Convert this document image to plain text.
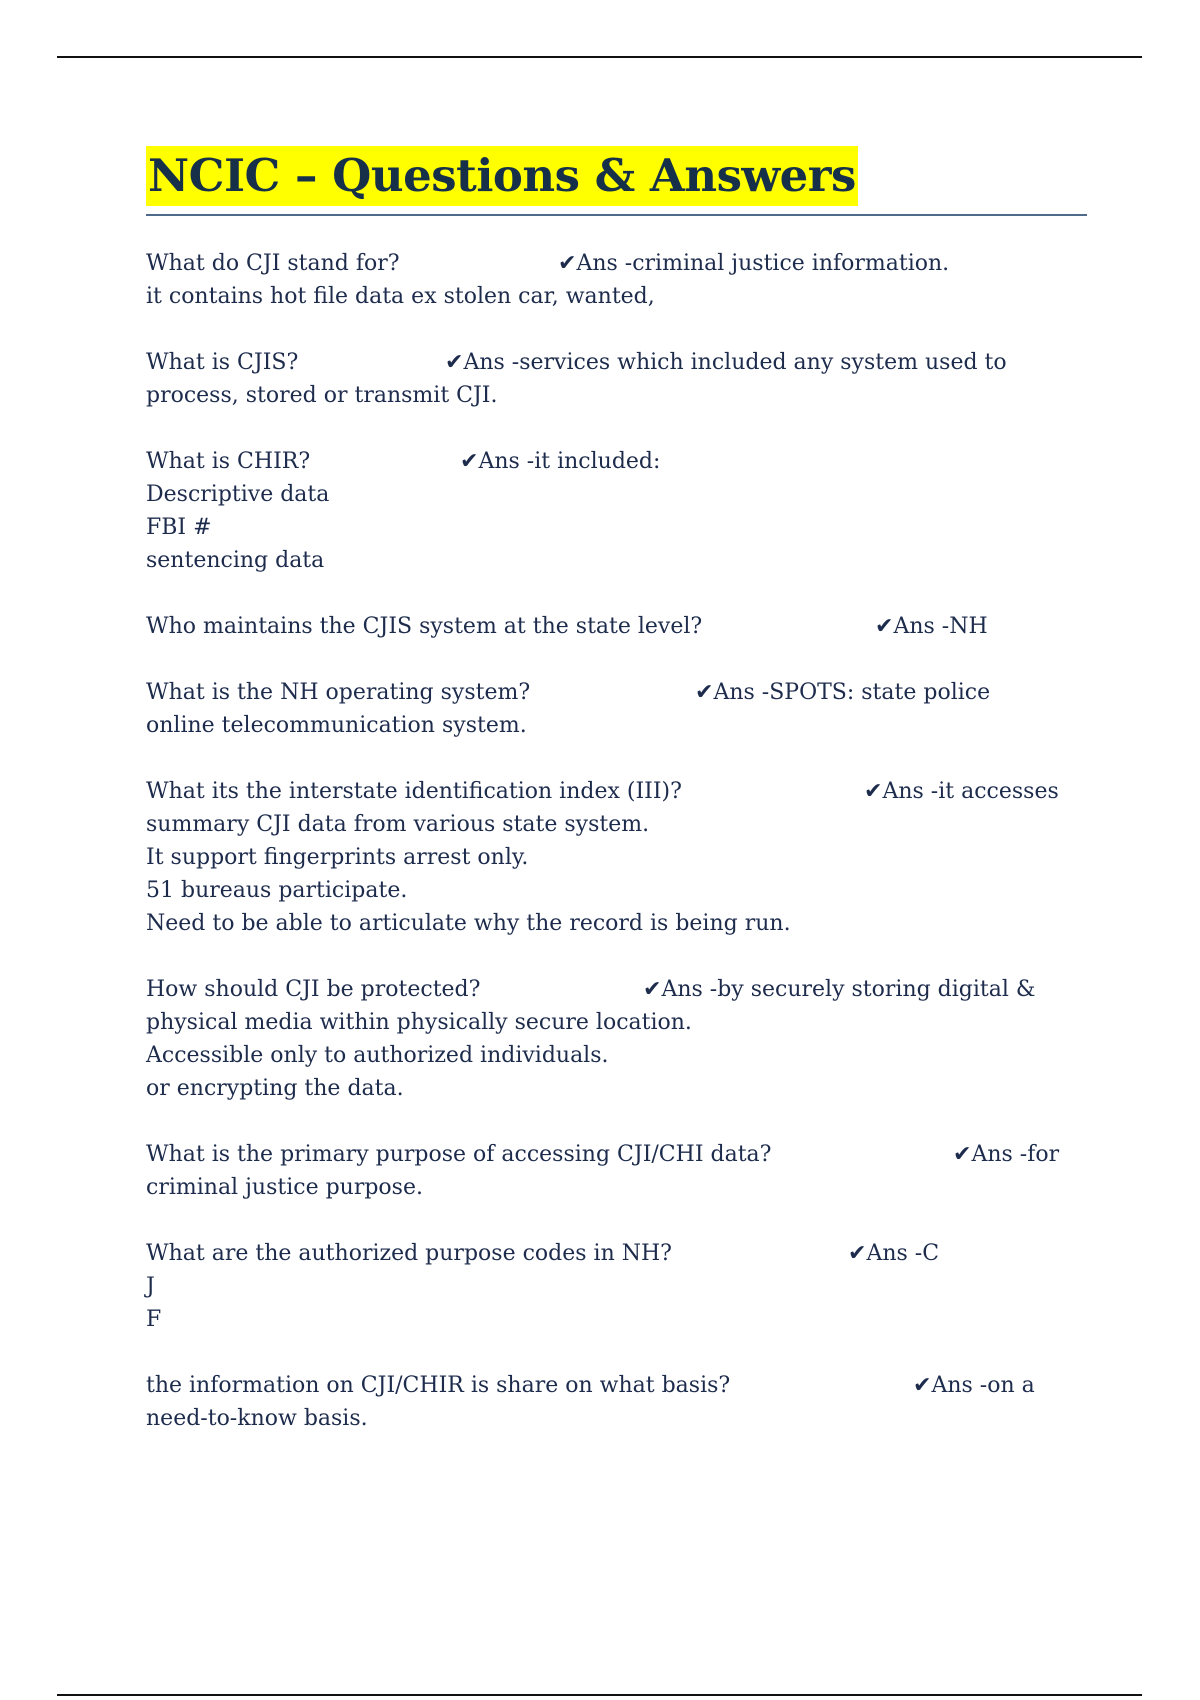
NCIC – Questions & Answers
What do CJI stand for?	✔Ans -criminal justice information.
it contains hot file data ex stolen car, wanted,
What is CJIS?	✔Ans -services which included any system used to
process, stored or transmit CJI.
What is CHIR?	✔Ans -it included:
Descriptive data
FBI #
sentencing data
Who maintains the CJIS system at the state level?	✔Ans -NH
What is the NH operating system?	✔Ans -SPOTS: state police
online telecommunication system.
What its the interstate identification index (III)?	✔Ans -it accesses
summary CJI data from various state system.
It support fingerprints arrest only.
51 bureaus participate.
Need to be able to articulate why the record is being run.
How should CJI be protected?	✔Ans -by securely storing digital &
physical media within physically secure location.
Accessible only to authorized individuals.
or encrypting the data.
What is the primary purpose of accessing CJI/CHI data?	✔Ans -for
criminal justice purpose.
What are the authorized purpose codes in NH?	✔Ans -C
J
F
the information on CJI/CHIR is share on what basis?	✔Ans -on a
need-to-know basis.
